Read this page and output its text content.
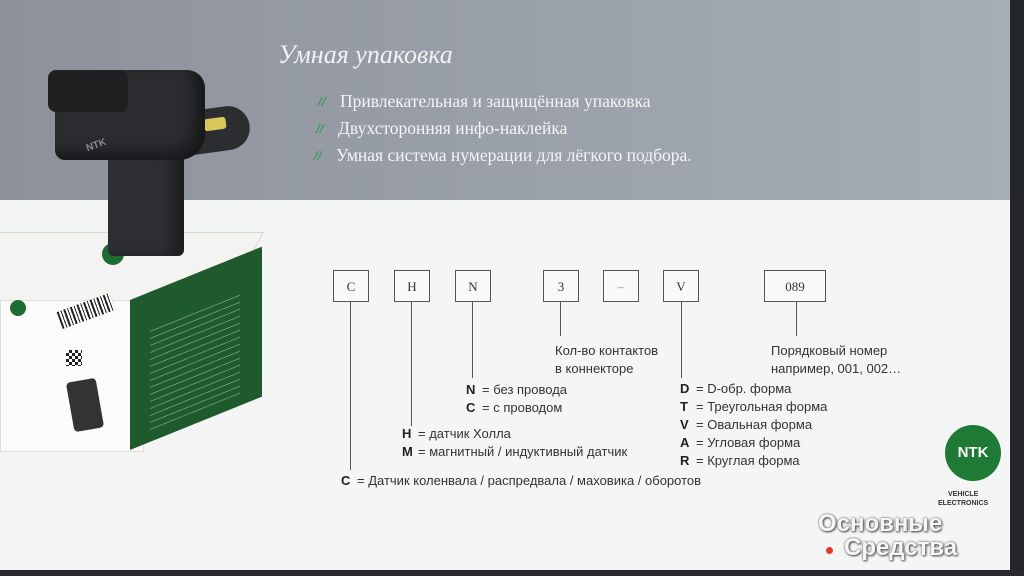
Умная упаковка
// Привлекательная и защищённая упаковка
// Двухсторонняя инфо-наклейка
// Умная система нумерации для лёгкого подбора.
NTK
C	H	N	3	–	V	089
Кол-во контактов
в коннекторе
Порядковый номер
например, 001, 002…
N = без провода
C = с проводом
D = D-обр. форма
T = Треугольная форма
V = Овальная форма
A = Угловая форма
R = Круглая форма
H = датчик Холла
M = магнитный / индуктивный датчик
C = Датчик коленвала / распредвала / маховика / оборотов
NTK
VEHICLE
ELECTRONICS
Основные
Средства
